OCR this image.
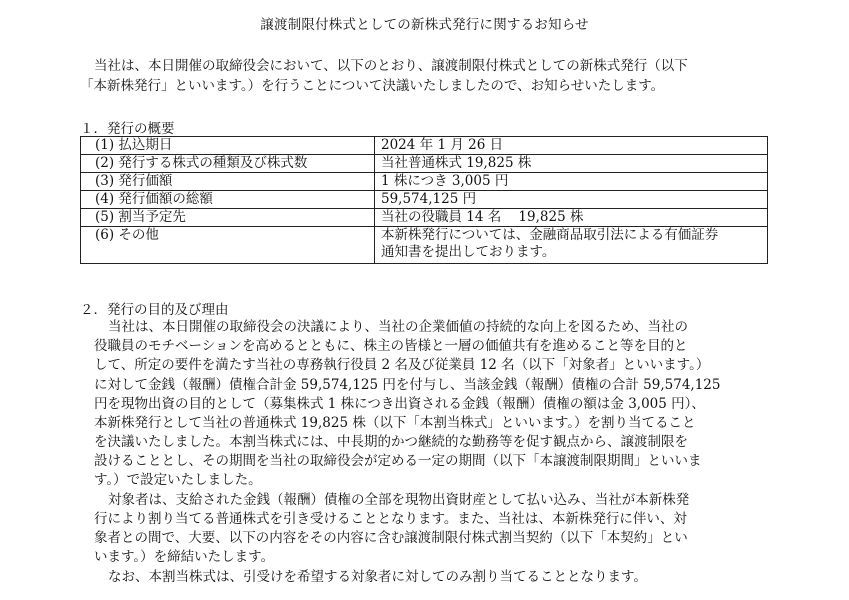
譲渡制限付株式としての新株式発行に関するお知らせ
当社は、本日開催の取締役会において、以下のとおり、譲渡制限付株式としての新株式発行（以下
「本新株発行」といいます。）を行うことについて決議いたしましたので、お知らせいたします。
１．発行の概要
(1) 払込期日	2024 年 1 月 26 日
(2) 発行する株式の種類及び株式数	当社普通株式 19,825 株
(3) 発行価額	1 株につき 3,005 円
(4) 発行価額の総額	59,574,125 円
(5) 割当予定先	当社の役職員 14 名    19,825 株
(6) その他	本新株発行については、金融商品取引法による有価証券
通知書を提出しております。
２．発行の目的及び理由
当社は、本日開催の取締役会の決議により、当社の企業価値の持続的な向上を図るため、当社の
役職員のモチベーションを高めるとともに、株主の皆様と一層の価値共有を進めること等を目的と
して、所定の要件を満たす当社の専務執行役員 2 名及び従業員 12 名（以下「対象者」といいます。）
に対して金銭（報酬）債権合計金 59,574,125 円を付与し、当該金銭（報酬）債権の合計 59,574,125
円を現物出資の目的として（募集株式 1 株につき出資される金銭（報酬）債権の額は金 3,005 円）、
本新株発行として当社の普通株式 19,825 株（以下「本割当株式」といいます。）を割り当てること
を決議いたしました。本割当株式には、中長期的かつ継続的な勤務等を促す観点から、譲渡制限を
設けることとし、その期間を当社の取締役会が定める一定の期間（以下「本譲渡制限期間」といいま
す。）で設定いたしました。
対象者は、支給された金銭（報酬）債権の全部を現物出資財産として払い込み、当社が本新株発
行により割り当てる普通株式を引き受けることとなります。また、当社は、本新株発行に伴い、対
象者との間で、大要、以下の内容をその内容に含む譲渡制限付株式割当契約（以下「本契約」とい
います。）を締結いたします。
なお、本割当株式は、引受けを希望する対象者に対してのみ割り当てることとなります。
